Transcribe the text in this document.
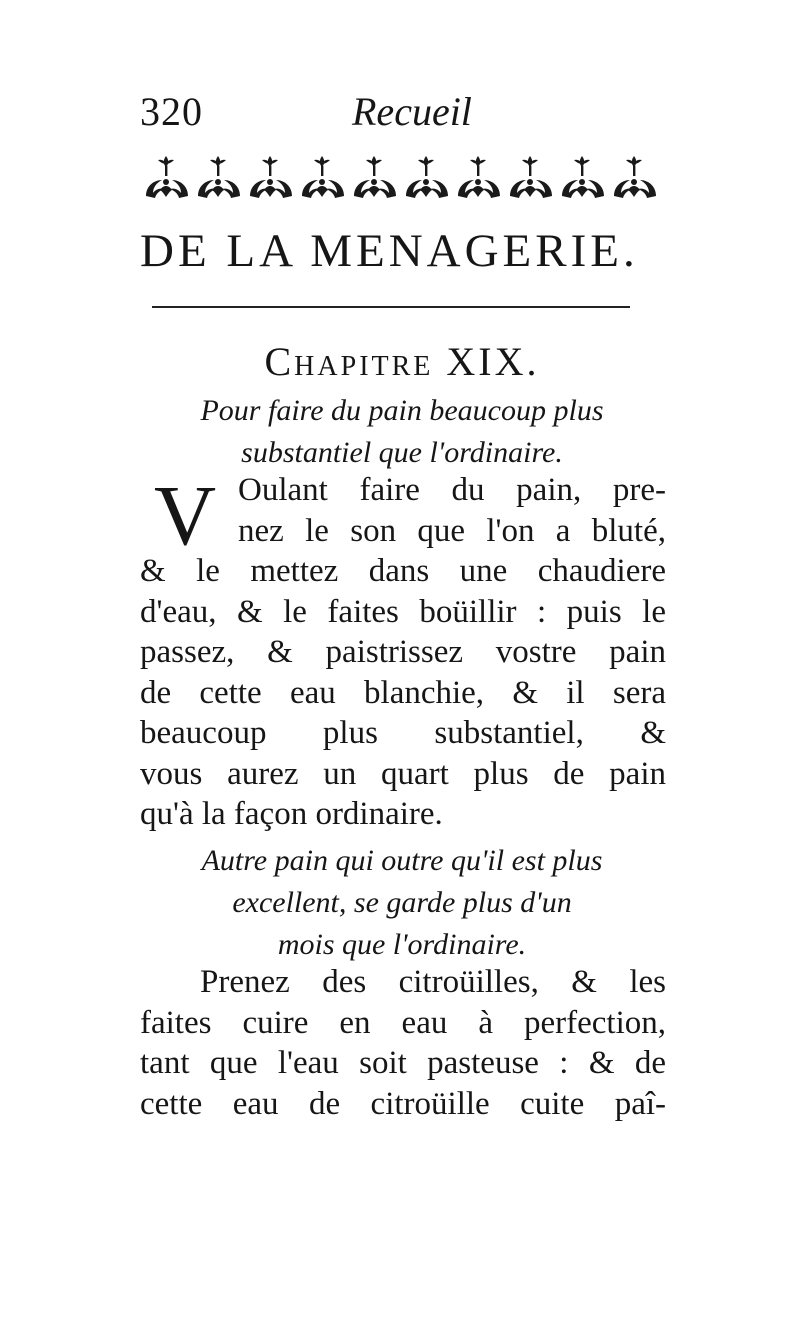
320	Recueil
DE LA MENAGERIE.
Chapitre XIX.
Pour faire du pain beaucoup plus
substantiel que l'ordinaire.
V Oulant faire du pain, pre-
nez le son que l'on a bluté,
& le mettez dans une chaudiere
d'eau, & le faites boüillir : puis le
passez, & paistrissez vostre pain
de cette eau blanchie, & il sera
beaucoup plus substantiel, &
vous aurez un quart plus de pain
qu'à la façon ordinaire.
Autre pain qui outre qu'il est plus
excellent, se garde plus d'un
mois que l'ordinaire.
Prenez des citroüilles, & les
faites cuire en eau à perfection,
tant que l'eau soit pasteuse : & de
cette eau de citroüille cuite paî-
